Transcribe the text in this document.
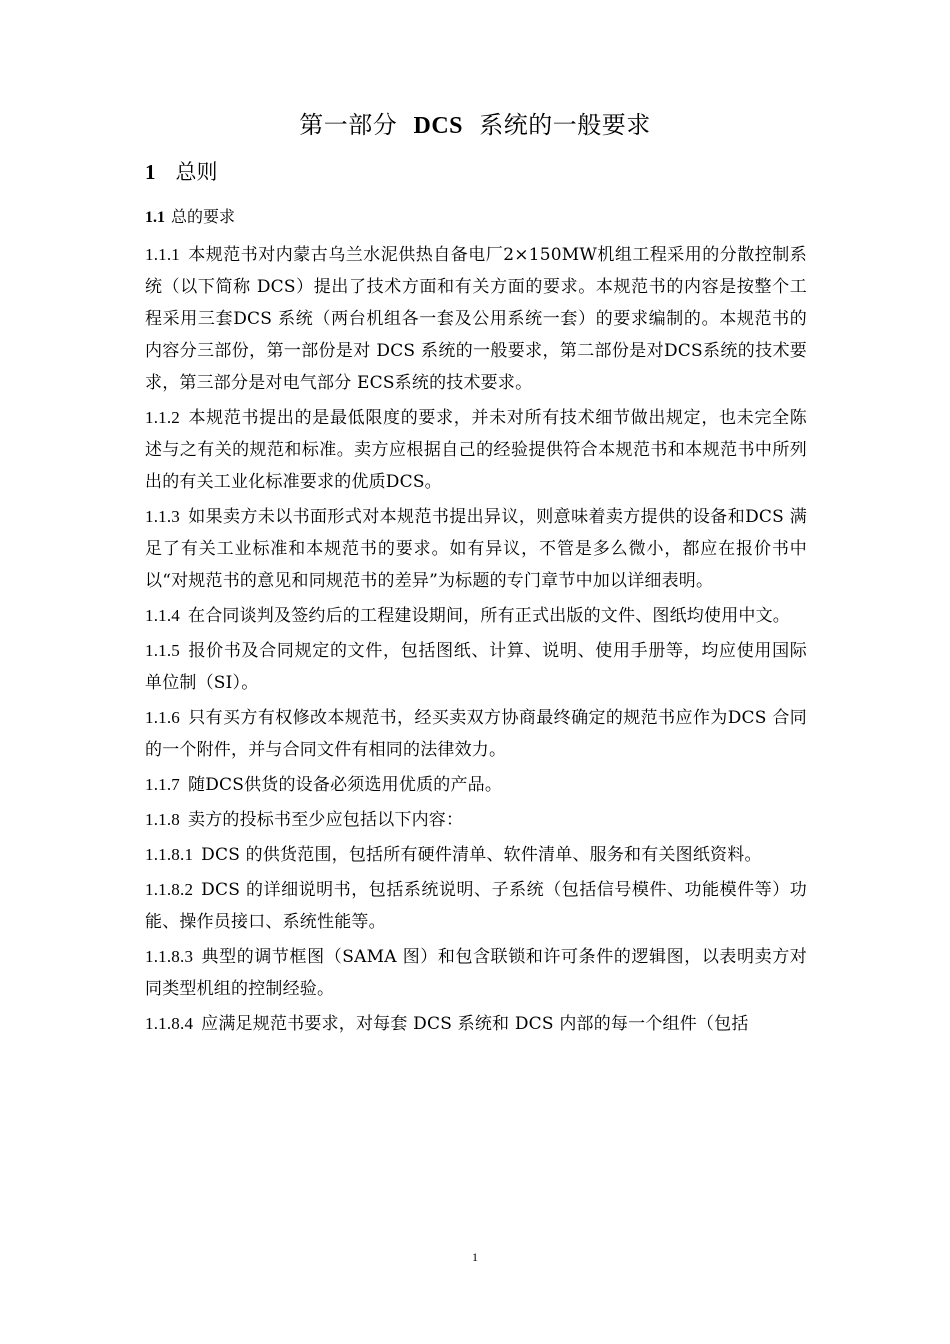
第一部分 DCS 系统的一般要求
1 总则
1.1 总的要求

1.1.1 本规范书对内蒙古乌兰水泥供热自备电厂2×150MW机组工程采用的分散控制系统（以下简称 DCS）提出了技术方面和有关方面的要求。本规范书的内容是按整个工程采用三套DCS 系统（两台机组各一套及公用系统一套）的要求编制的。本规范书的内容分三部份，第一部份是对 DCS 系统的一般要求，第二部份是对DCS系统的技术要求，第三部分是对电气部分 ECS系统的技术要求。

1.1.2 本规范书提出的是最低限度的要求，并未对所有技术细节做出规定，也未完全陈述与之有关的规范和标准。卖方应根据自己的经验提供符合本规范书和本规范书中所列出的有关工业化标准要求的优质DCS。

1.1.3 如果卖方未以书面形式对本规范书提出异议，则意味着卖方提供的设备和DCS 满足了有关工业标准和本规范书的要求。如有异议，不管是多么微小，都应在报价书中以“对规范书的意见和同规范书的差异”为标题的专门章节中加以详细表明。

1.1.4 在合同谈判及签约后的工程建设期间，所有正式出版的文件、图纸均使用中文。

1.1.5 报价书及合同规定的文件，包括图纸、计算、说明、使用手册等，均应使用国际单位制（SI）。

1.1.6 只有买方有权修改本规范书，经买卖双方协商最终确定的规范书应作为DCS 合同的一个附件，并与合同文件有相同的法律效力。

1.1.7 随DCS供货的设备必须选用优质的产品。

1.1.8 卖方的投标书至少应包括以下内容：

1.1.8.1 DCS 的供货范围，包括所有硬件清单、软件清单、服务和有关图纸资料。

1.1.8.2 DCS 的详细说明书，包括系统说明、子系统（包括信号模件、功能模件等）功能、操作员接口、系统性能等。

1.1.8.3 典型的调节框图（SAMA 图）和包含联锁和许可条件的逻辑图，以表明卖方对同类型机组的控制经验。

1.1.8.4 应满足规范书要求，对每套 DCS 系统和 DCS 内部的每一个组件（包括

1
